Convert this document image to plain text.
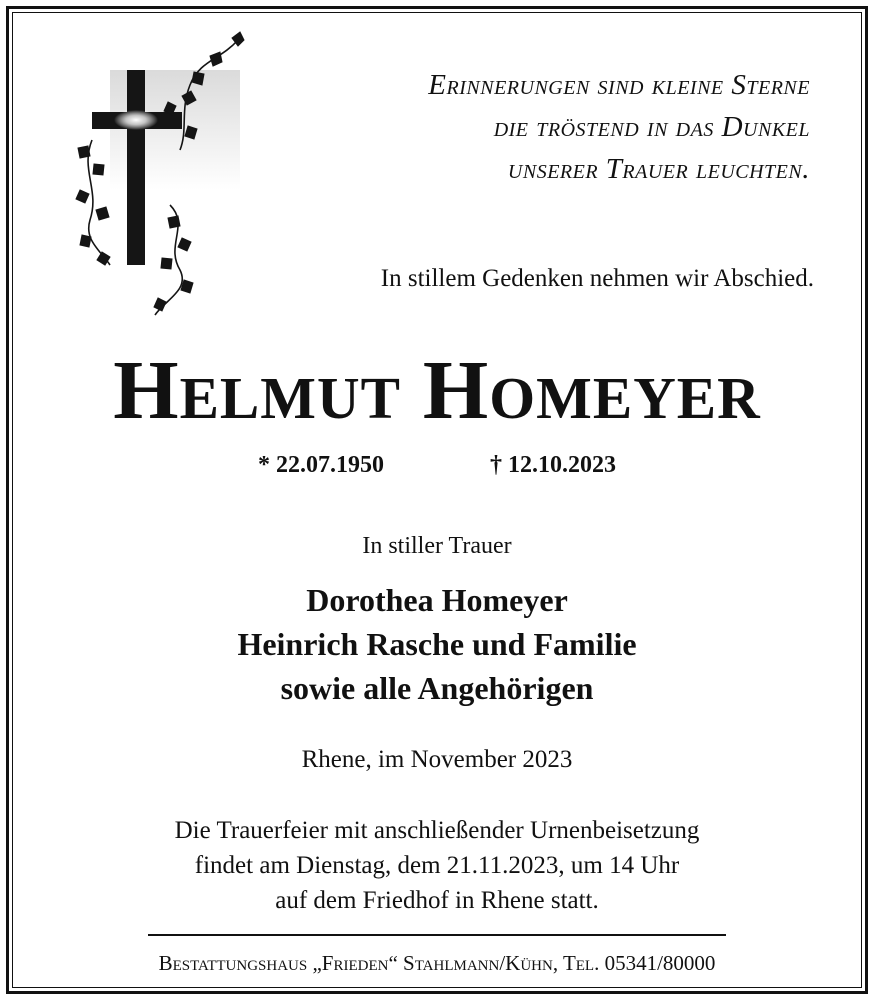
Erinnerungen sind kleine Sterne
die tröstend in das Dunkel
unserer Trauer leuchten.
In stillem Gedenken nehmen wir Abschied.
Helmut Homeyer
* 22.07.1950	† 12.10.2023
In stiller Trauer
Dorothea Homeyer
Heinrich Rasche und Familie
sowie alle Angehörigen
Rhene, im November 2023
Die Trauerfeier mit anschließender Urnenbeisetzung
findet am Dienstag, dem 21.11.2023, um 14 Uhr
auf dem Friedhof in Rhene statt.
Bestattungshaus „Frieden“ Stahlmann/Kühn, Tel. 05341/80000
